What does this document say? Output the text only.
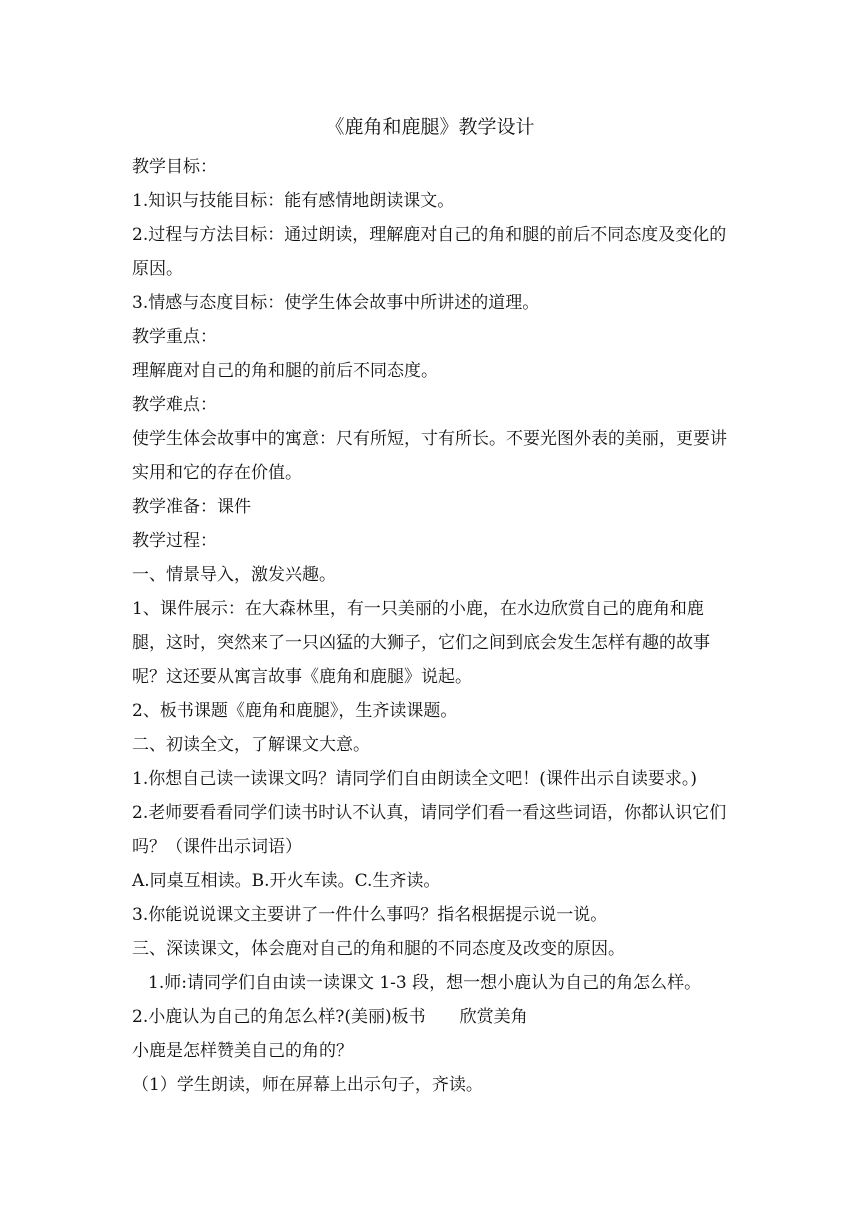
《鹿角和鹿腿》教学设计

教学目标：

1.知识与技能目标：能有感情地朗读课文。

2.过程与方法目标：通过朗读，理解鹿对自己的角和腿的前后不同态度及变化的原因。

3.情感与态度目标：使学生体会故事中所讲述的道理。

教学重点：

理解鹿对自己的角和腿的前后不同态度。

教学难点：

使学生体会故事中的寓意：尺有所短，寸有所长。不要光图外表的美丽，更要讲实用和它的存在价值。

教学准备：课件

教学过程：

一、情景导入，激发兴趣。

1、课件展示：在大森林里，有一只美丽的小鹿，在水边欣赏自己的鹿角和鹿腿，这时，突然来了一只凶猛的大狮子，它们之间到底会发生怎样有趣的故事呢？这还要从寓言故事《鹿角和鹿腿》说起。

2、板书课题《鹿角和鹿腿》，生齐读课题。

二、初读全文，了解课文大意。

1.你想自己读一读课文吗？请同学们自由朗读全文吧！(课件出示自读要求。)

2.老师要看看同学们读书时认不认真，请同学们看一看这些词语，你都认识它们吗？（课件出示词语）

A.同桌互相读。B.开火车读。C.生齐读。

3.你能说说课文主要讲了一件什么事吗？指名根据提示说一说。

三、深读课文，体会鹿对自己的角和腿的不同态度及改变的原因。

1.师:请同学们自由读一读课文 1-3 段，想一想小鹿认为自己的角怎么样。

2.小鹿认为自己的角怎么样?(美丽)板书　　欣赏美角

小鹿是怎样赞美自己的角的？

（1）学生朗读，师在屏幕上出示句子，齐读。
